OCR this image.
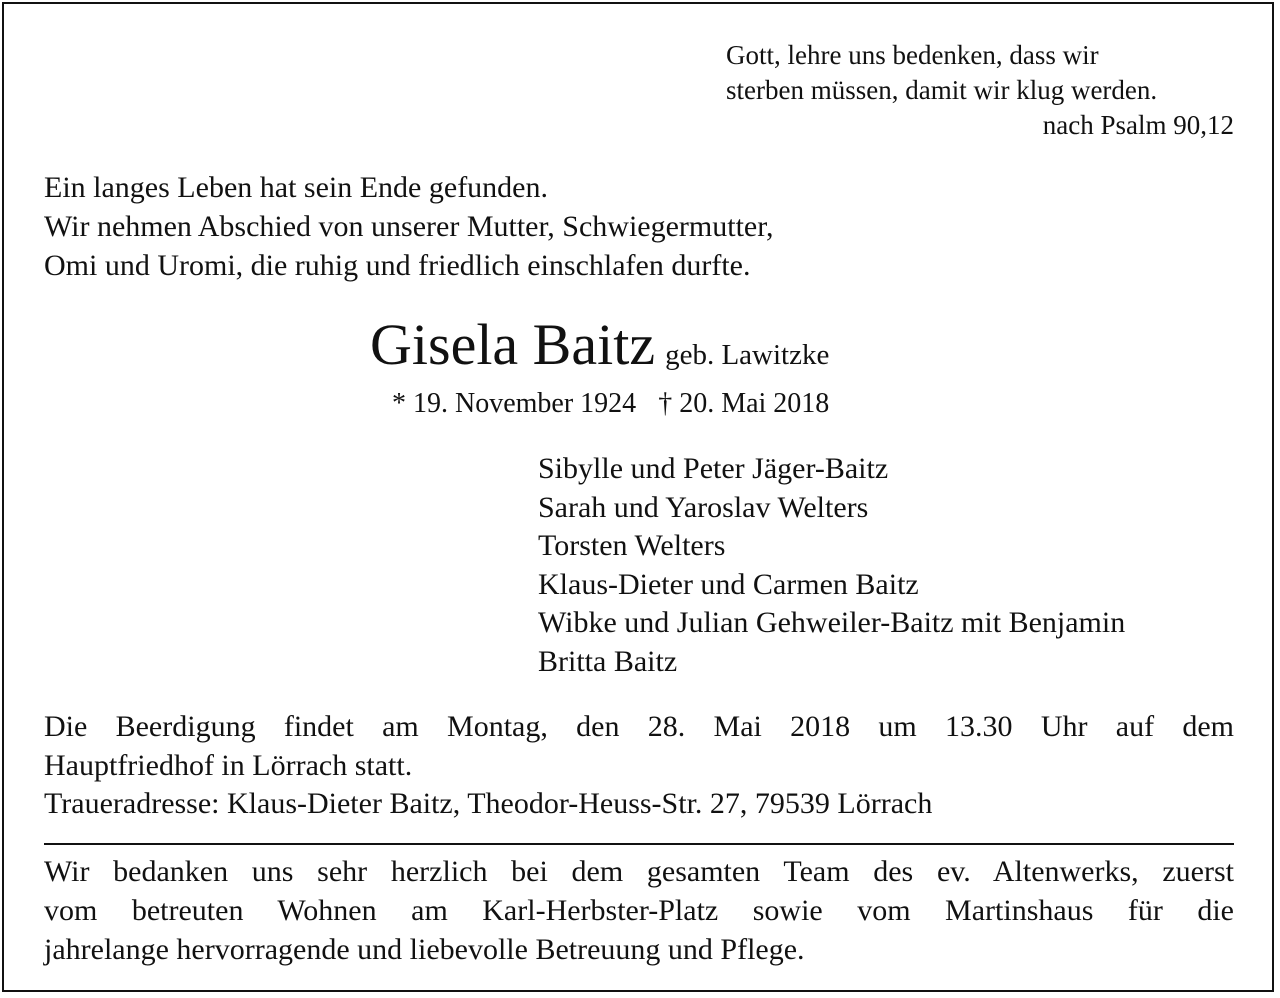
Gott, lehre uns bedenken, dass wir
sterben müssen, damit wir klug werden.
nach Psalm 90,12
Ein langes Leben hat sein Ende gefunden.
Wir nehmen Abschied von unserer Mutter, Schwiegermutter,
Omi und Uromi, die ruhig und friedlich einschlafen durfte.
Gisela Baitz geb. Lawitzke
* 19. November 1924 † 20. Mai 2018
Sibylle und Peter Jäger-Baitz
Sarah und Yaroslav Welters
Torsten Welters
Klaus-Dieter und Carmen Baitz
Wibke und Julian Gehweiler-Baitz mit Benjamin
Britta Baitz
Die Beerdigung findet am Montag, den 28. Mai 2018 um 13.30 Uhr auf dem
Hauptfriedhof in Lörrach statt.
Traueradresse: Klaus-Dieter Baitz, Theodor-Heuss-Str. 27, 79539 Lörrach
Wir bedanken uns sehr herzlich bei dem gesamten Team des ev. Altenwerks, zuerst
vom betreuten Wohnen am Karl-Herbster-Platz sowie vom Martinshaus für die
jahrelange hervorragende und liebevolle Betreuung und Pflege.
